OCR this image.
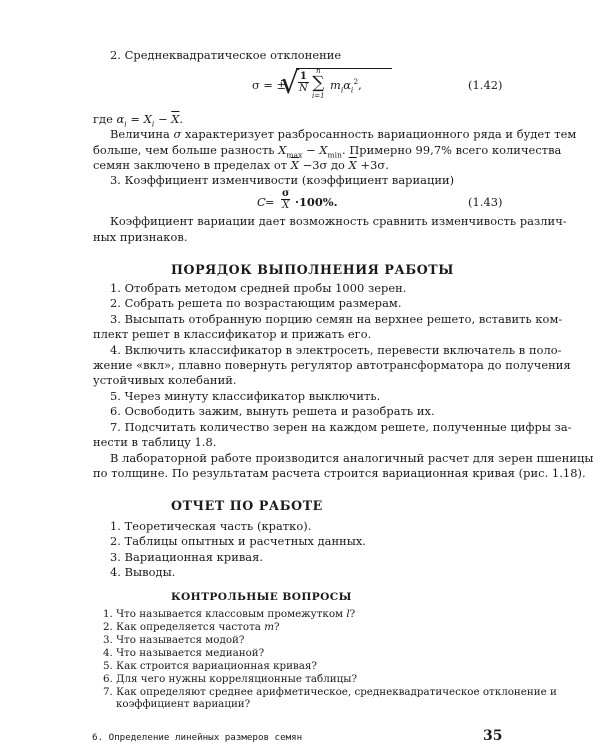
2. Среднеквадратическое отклонение
σ = ±
√
$\frac{1}{N}$	n
∑
i=1
$m_i\alpha_i^2$,	(1.42)
где $\alpha_i = X_i - \overline{X}$.
Величина σ характеризует разбросанность вариационного ряда и будет тем
больше, чем больше разность $X_{max} - X_{min}$. Примерно 99,7% всего количества
семян заключено в пределах от $\overline{X} -3\sigma$ до $\overline{X} +3\sigma$.
3. Коэффициент изменчивости (коэффициент вариации)
$C = \frac{\sigma}{X} \cdot 100\%$.	(1.43)
Коэффициент вариации дает возможность сравнить изменчивость различ-
ных признаков.
ПОРЯДОК ВЫПОЛНЕНИЯ РАБОТЫ
1. Отобрать методом средней пробы 1000 зерен.
2. Собрать решета по возрастающим размерам.
3. Высыпать отобранную порцию семян на верхнее решето, вставить ком-
плект решет в классификатор и прижать его.
4. Включить классификатор в электросеть, перевести включатель в поло-
жение «вкл», плавно повернуть регулятор автотрансформатора до получения
устойчивых колебаний.
5. Через минуту классификатор выключить.
6. Освободить зажим, вынуть решета и разобрать их.
7. Подсчитать количество зерен на каждом решете, полученные цифры за-
нести в таблицу 1.8.
В лабораторной работе производится аналогичный расчет для зерен пшеницы
по толщине. По результатам расчета строится вариационная кривая (рис. 1.18).
ОТЧЕТ ПО РАБОТЕ
1. Теоретическая часть (кратко).
2. Таблицы опытных и расчетных данных.
3. Вариационная кривая.
4. Выводы.
КОНТРОЛЬНЫЕ ВОПРОСЫ
1. Что называется классовым промежутком l?
2. Как определяется частота m?
3. Что называется модой?
4. Что называется медианой?
5. Как строится вариационная кривая?
6. Для чего нужны корреляционные таблицы?
7. Как определяют среднее арифметическое, среднеквадратическое отклонение и
коэффициент вариации?
6. Определение линейных размеров семян	35
